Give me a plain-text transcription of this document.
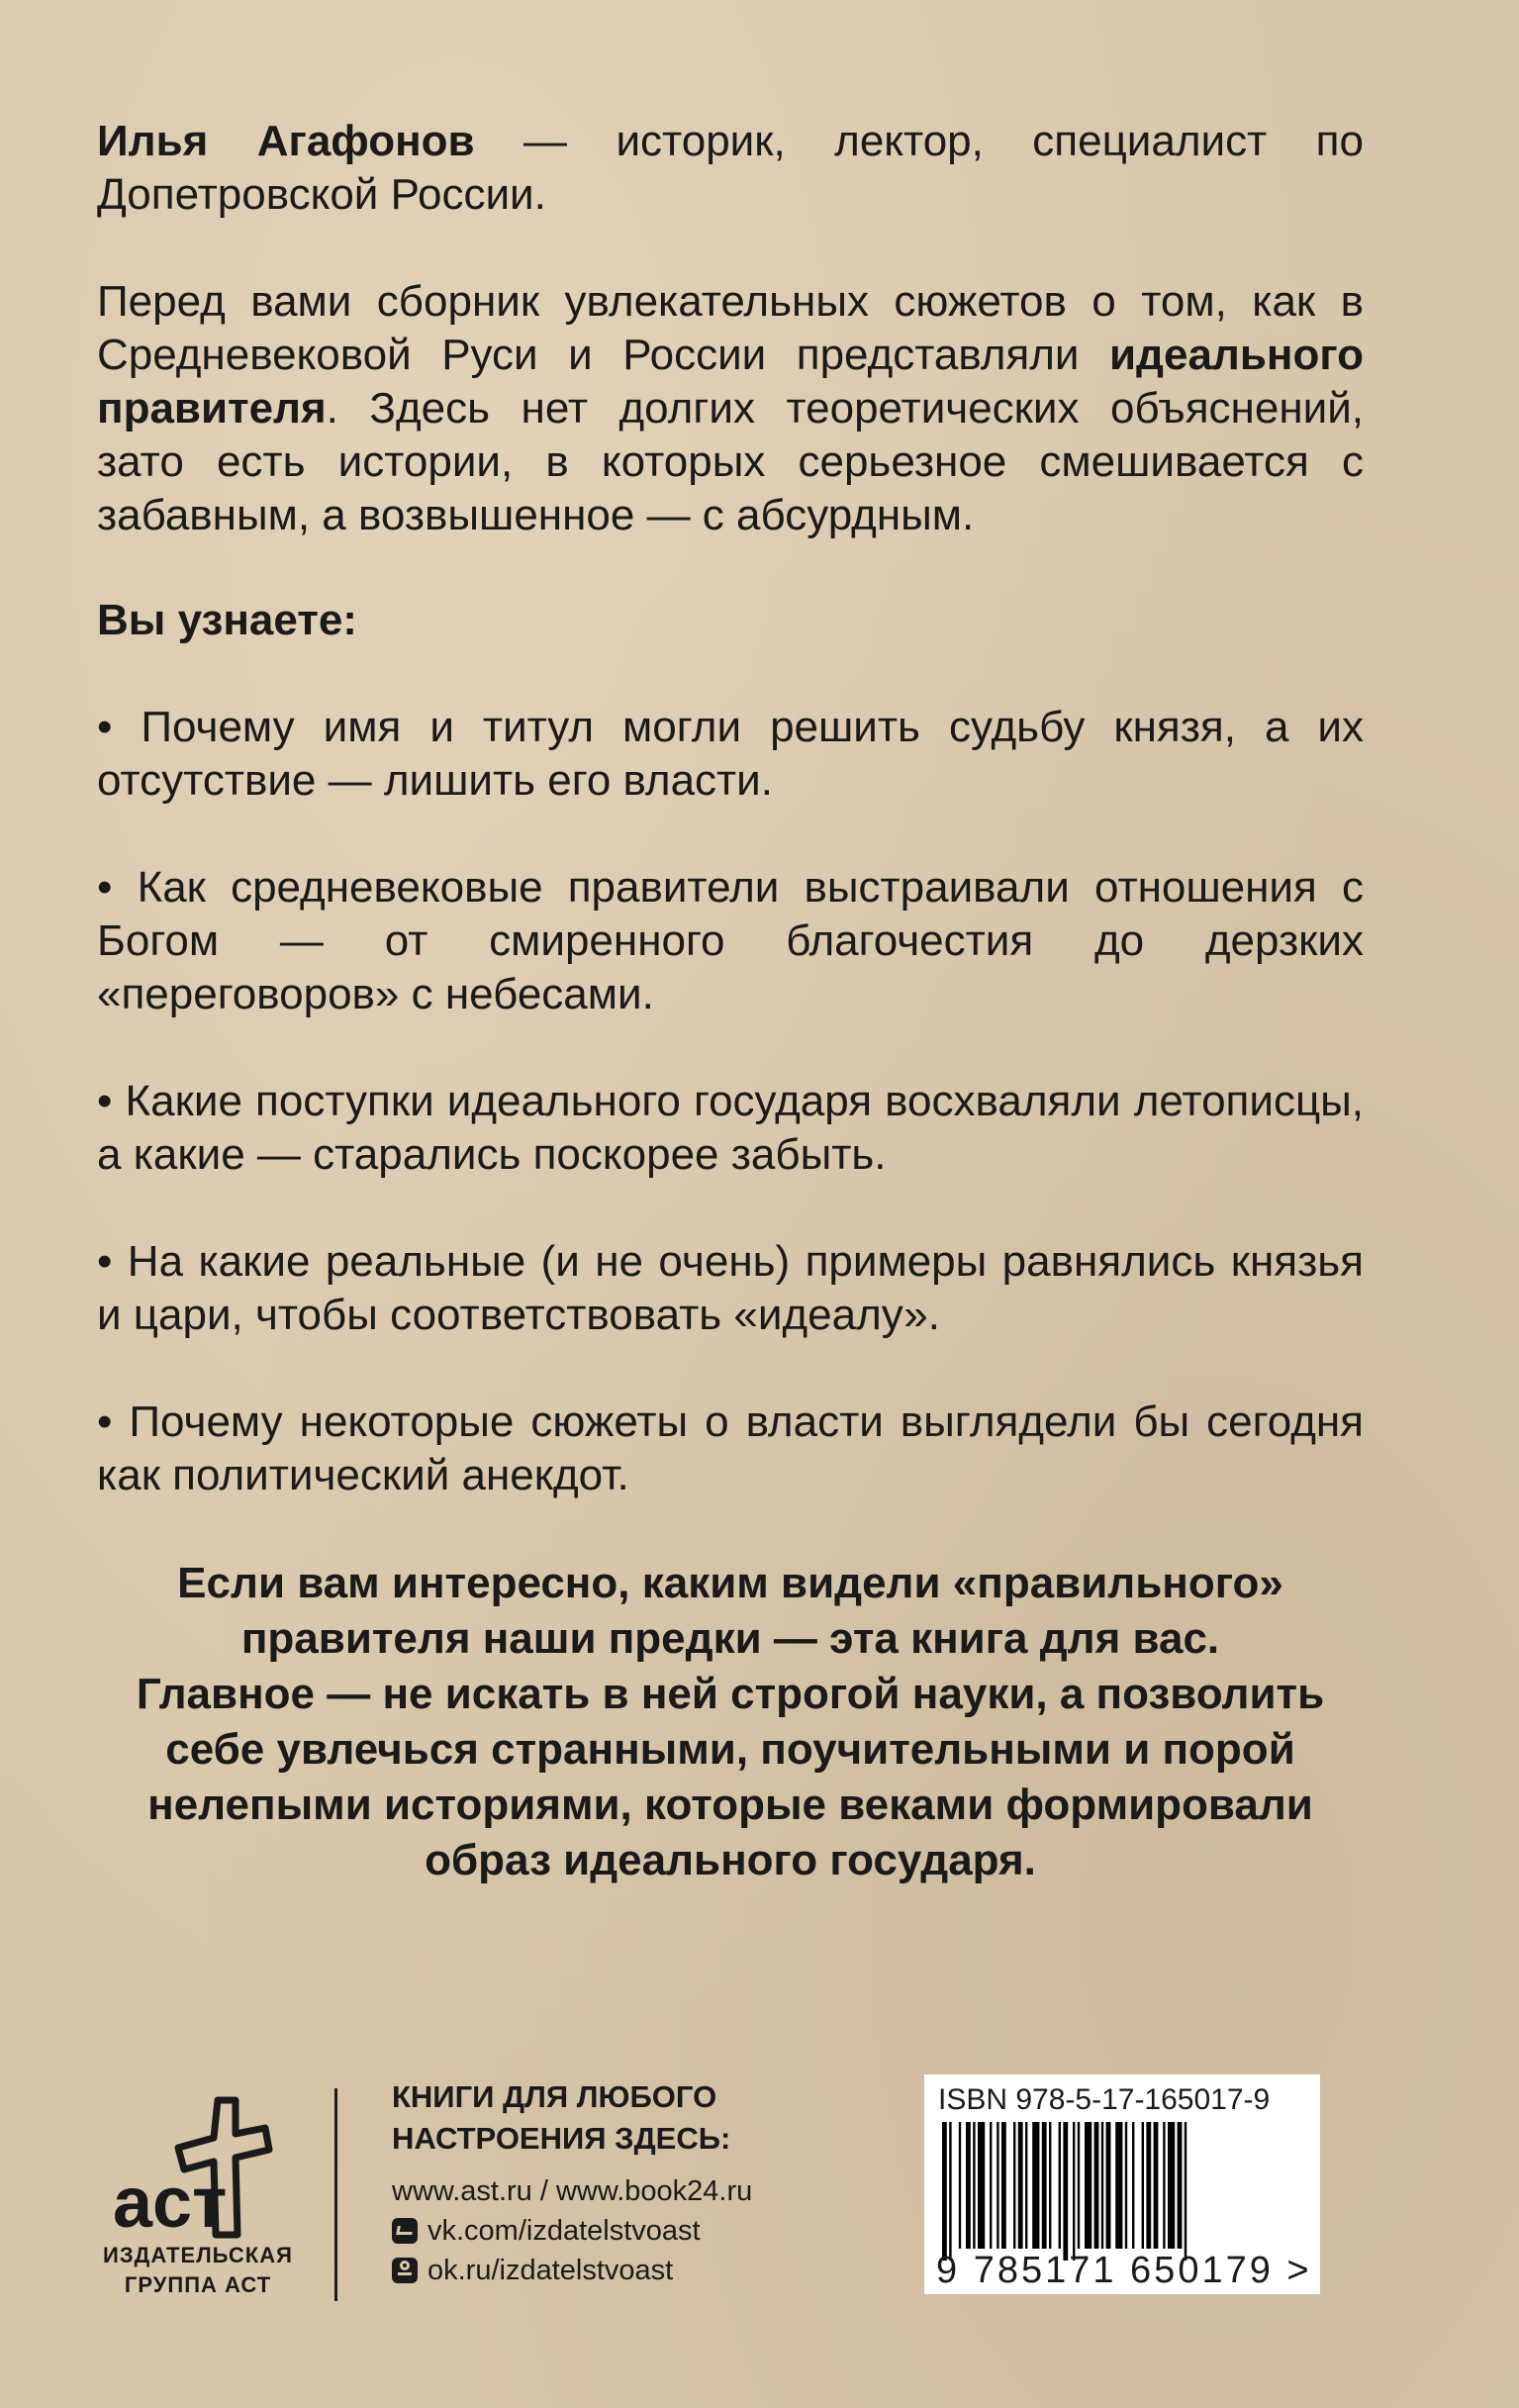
Илья Агафонов — историк, лектор, специалист по Допетровской России.

Перед вами сборник увлекательных сюжетов о том, как в Средневековой Руси и России представляли идеального правителя. Здесь нет долгих теоретических объяснений, зато есть истории, в которых серьезное смешивается с забавным, а возвышенное — с абсурдным.

Вы узнаете:

• Почему имя и титул могли решить судьбу князя, а их отсутствие — лишить его власти.

• Как средневековые правители выстраивали отношения с Богом — от смиренного благочестия до дерзких «переговоров» с небесами.

• Какие поступки идеального государя восхваляли летописцы, а какие — старались поскорее забыть.

• На какие реальные (и не очень) примеры равнялись князья и цари, чтобы соответствовать «идеалу».

• Почему некоторые сюжеты о власти выглядели бы сегодня как политический анекдот.

Если вам интересно, каким видели «правильного»

правителя наши предки — эта книга для вас.

Главное — не искать в ней строгой науки, а позволить

себе увлечься странными, поучительными и порой

нелепыми историями, которые веками формировали

образ идеального государя.

аст
ИЗДАТЕЛЬСКАЯ
ГРУППА АСТ

КНИГИ ДЛЯ ЛЮБОГО

НАСТРОЕНИЯ ЗДЕСЬ:

www.ast.ru / www.book24.ru

vk.com/izdatelstvoast
ok.ru/izdatelstvoast
ISBN 978-5-17-165017-9
9 785171 650179 >
